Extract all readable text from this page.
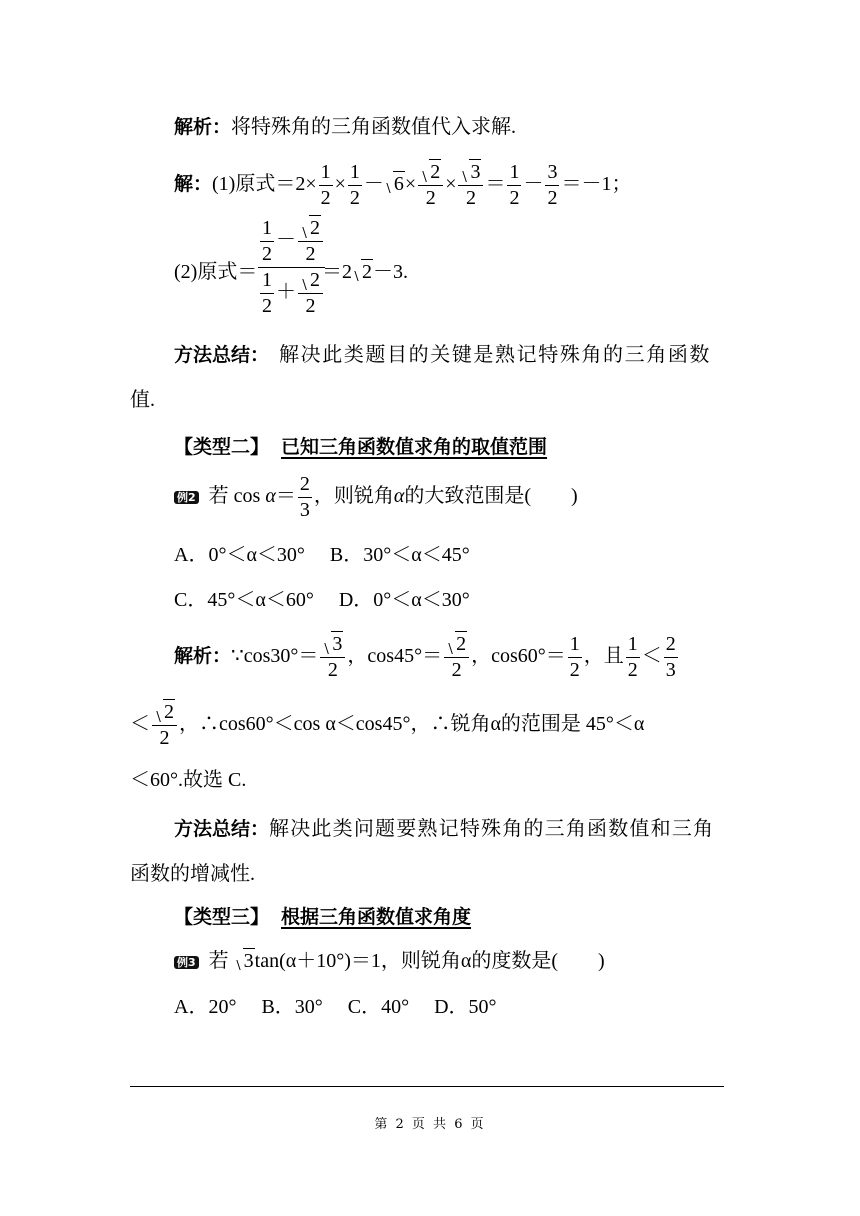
解析：将特殊角的三角函数值代入求解.
解：(1)原式$=2\times \frac{1}{2} \times \frac{1}{2} - 6\times \frac{2}{2} \times \frac{3}{2} = \frac{1}{2} - \frac{3}{2} =-1$；
(2)原式＝ $\frac{\frac{1}{2} - \frac{2}{2}}{\frac{1}{2} + \frac{2}{2}}$
＝2 2－3.
方法总结： 解决此类题目的关键是熟记特殊角的三角函数
值.
【类型二】 已知三角函数值求角的取值范围
例2 若 $\cos \alpha= \frac{2}{3}$ ，则锐角α的大致范围是(　　)
A．0°＜α＜30°　 B．30°＜α＜45°
C．45°＜α＜60°　 D．0°＜α＜30°
解析：∵cos30°＝ $\frac{3}{2}$ ，$\cos 45^\circ= \frac{2}{2}$ ，$\cos 60^\circ= \frac{1}{2}$ ，且 $\frac{1}{2} < \frac{2}{3}$
＜ $\frac{2}{2}$ ，∴cos60°＜cos α＜cos45°，∴锐角α的范围是 45°＜α
＜60°.故选 C.
方法总结：解决此类问题要熟记特殊角的三角函数值和三角
函数的增减性.
【类型三】 根据三角函数值求角度
例3 若 3tan(α＋10°)＝1，则锐角α的度数是(　　)
A．20°　 B．30°　 C．40°　 D．50°
第 2 页 共 6 页
